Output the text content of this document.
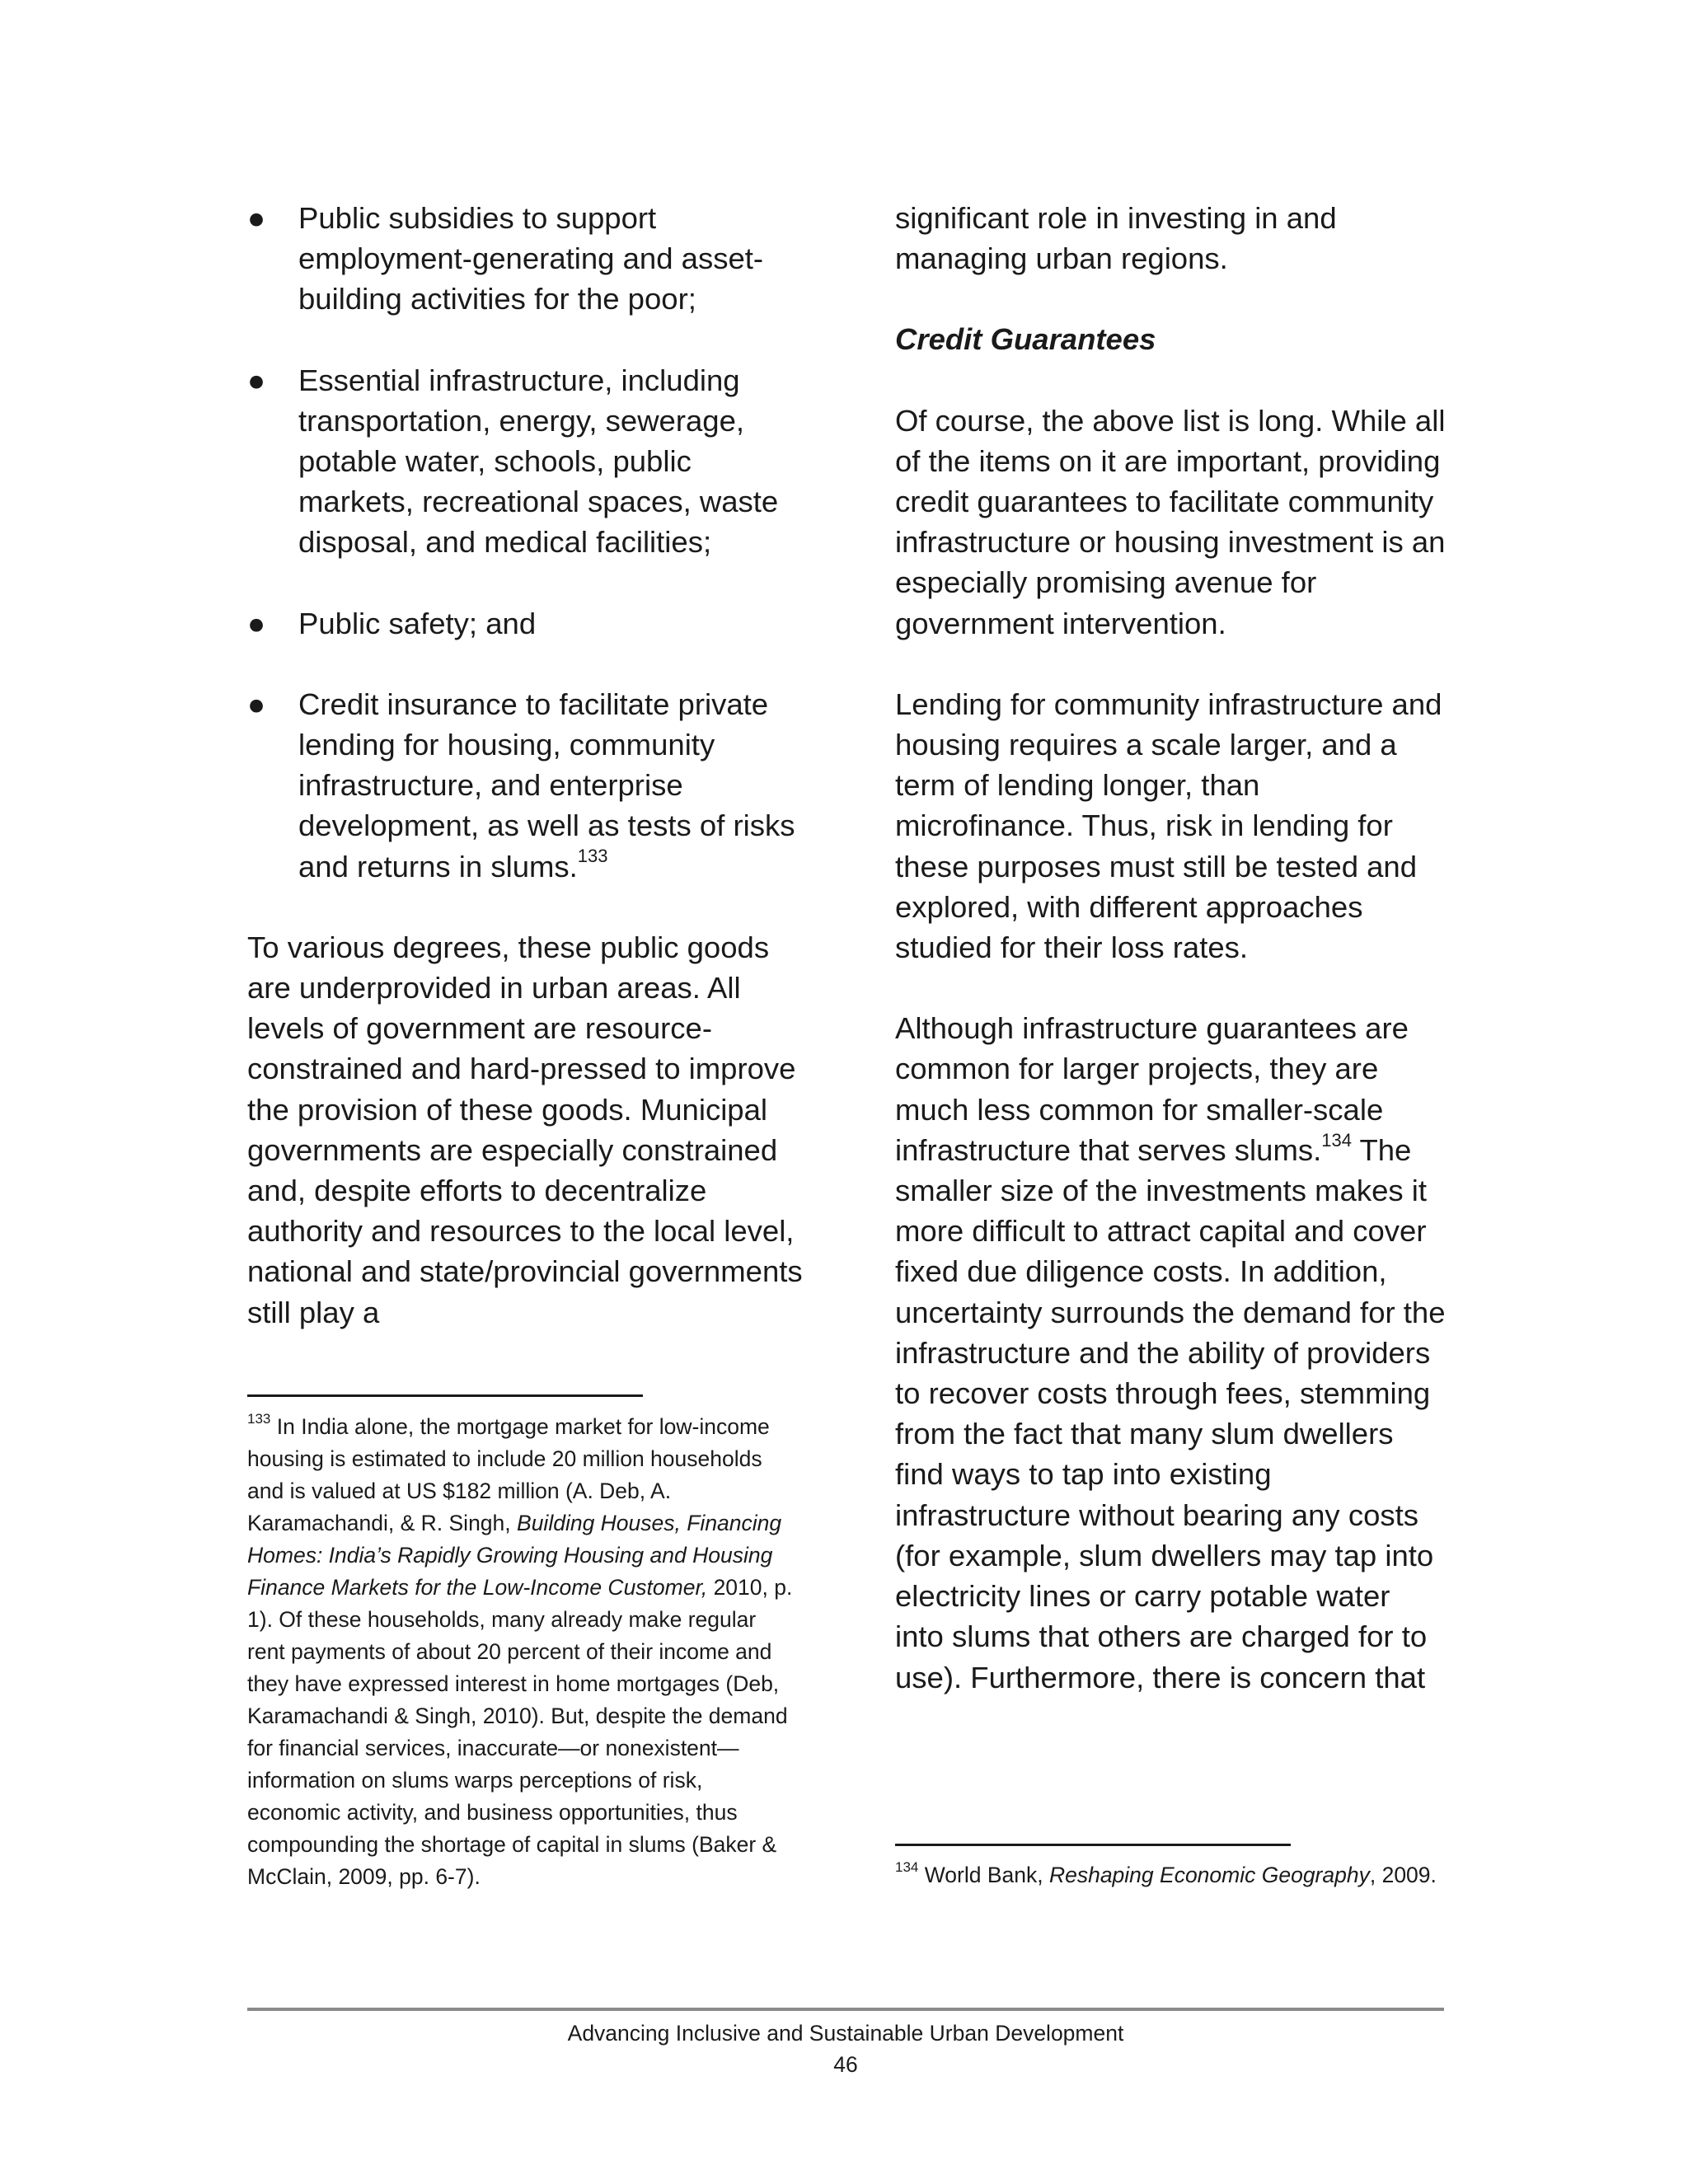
● Public subsidies to support employment-generating and asset-building activities for the poor;
● Essential infrastructure, including transportation, energy, sewerage, potable water, schools, public markets, recreational spaces, waste disposal, and medical facilities;
● Public safety; and
● Credit insurance to facilitate private lending for housing, community infrastructure, and enterprise development, as well as tests of risks and returns in slums.$^{133}$

To various degrees, these public goods are underprovided in urban areas. All levels of government are resource-constrained and hard-pressed to improve the provision of these goods. Municipal governments are especially constrained and, despite efforts to decentralize authority and resources to the local level, national and state/provincial governments still play a

significant role in investing in and managing urban regions.

Credit Guarantees

Of course, the above list is long. While all of the items on it are important, providing credit guarantees to facilitate community infrastructure or housing investment is an especially promising avenue for government intervention.

Lending for community infrastructure and housing requires a scale larger, and a term of lending longer, than microfinance. Thus, risk in lending for these purposes must still be tested and explored, with different approaches studied for their loss rates.

Although infrastructure guarantees are common for larger projects, they are much less common for smaller-scale infrastructure that serves slums.$^{134}$ The smaller size of the investments makes it more difficult to attract capital and cover fixed due diligence costs. In addition, uncertainty surrounds the demand for the infrastructure and the ability of providers to recover costs through fees, stemming from the fact that many slum dwellers find ways to tap into existing infrastructure without bearing any costs (for example, slum dwellers may tap into electricity lines or carry potable water into slums that others are charged for to use). Furthermore, there is concern that

$^{133}$ In India alone, the mortgage market for low-income housing is estimated to include 20 million households and is valued at US $182 million (A. Deb, A. Karamachandi, & R. Singh, Building Houses, Financing Homes: India’s Rapidly Growing Housing and Housing Finance Markets for the Low-Income Customer, 2010, p. 1). Of these households, many already make regular rent payments of about 20 percent of their income and they have expressed interest in home mortgages (Deb, Karamachandi & Singh, 2010). But, despite the demand for financial services, inaccurate—or nonexistent—information on slums warps perceptions of risk, economic activity, and business opportunities, thus compounding the shortage of capital in slums (Baker & McClain, 2009, pp. 6-7).	$^{134}$ World Bank, Reshaping Economic Geography, 2009.

Advancing Inclusive and Sustainable Urban Development
46
